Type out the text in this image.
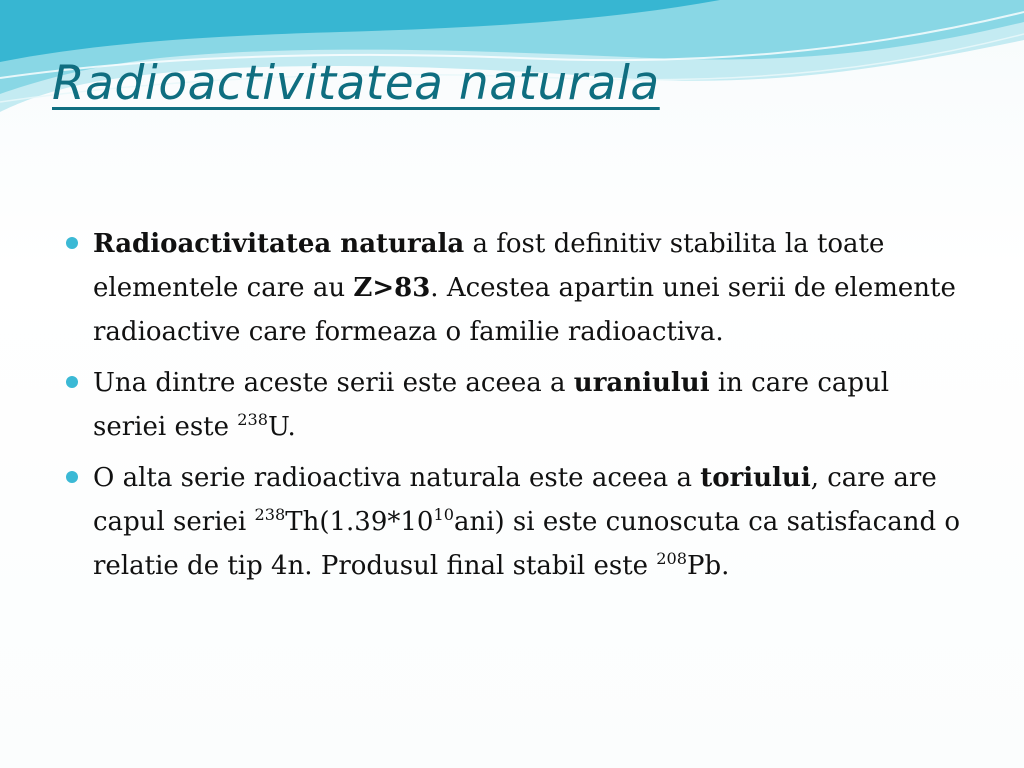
Radioactivitatea naturala
Radioactivitatea naturala a fost definitiv stabilita la toate elementele care au Z>83. Acestea apartin unei serii de elemente radioactive care formeaza o familie radioactiva.
Una dintre aceste serii este aceea a uraniului in care capul seriei este $^{238}$U.
O alta serie radioactiva naturala este aceea a toriului, care are capul seriei $^{238}Th(1.39*10^{10}ani)$ si este cunoscuta ca satisfacand o relatie de tip 4n. Produsul final stabil este $^{208}$Pb.
